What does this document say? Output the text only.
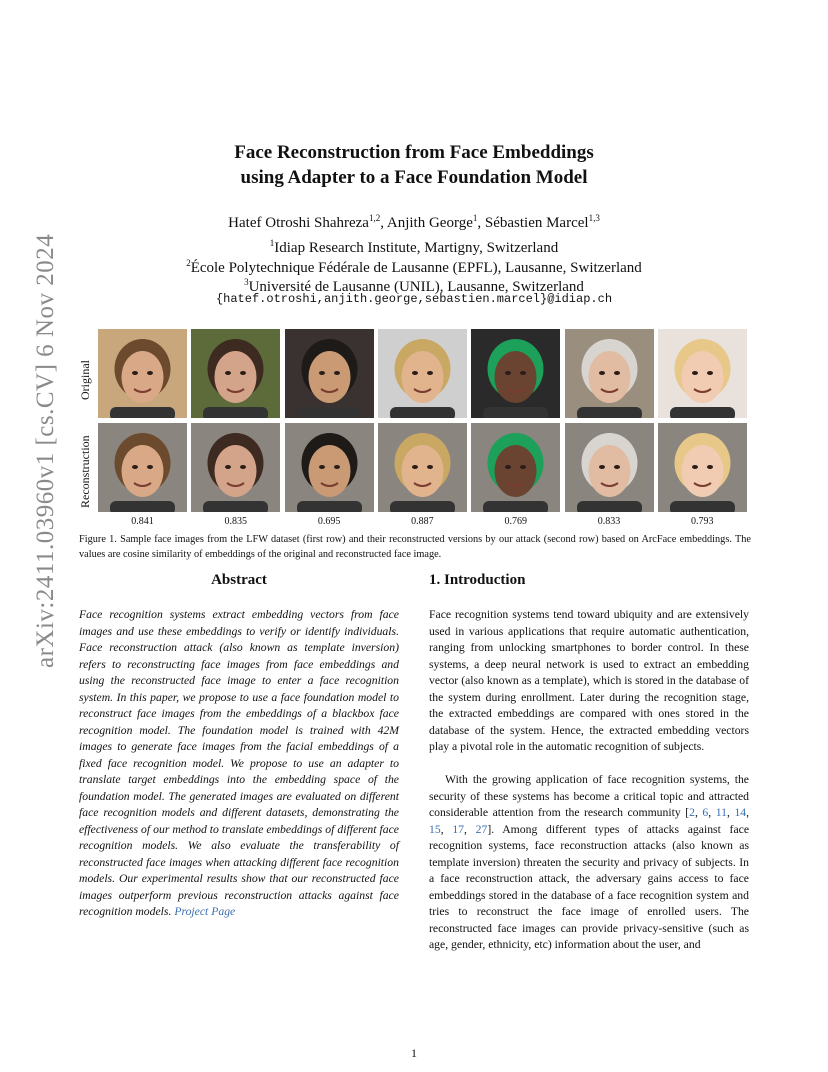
arXiv:2411.03960v1 [cs.CV] 6 Nov 2024
Face Reconstruction from Face Embeddings
using Adapter to a Face Foundation Model
Hatef Otroshi Shahreza$^{1,2}$, Anjith George$^1$, Sébastien Marcel$^{1,3}$
$^1$Idiap Research Institute, Martigny, Switzerland
$^2$École Polytechnique Fédérale de Lausanne (EPFL), Lausanne, Switzerland
$^3$Université de Lausanne (UNIL), Lausanne, Switzerland
{hatef.otroshi,anjith.george,sebastien.marcel}@idiap.ch
Original
Reconstruction
0.841	0.835	0.695	0.887	0.769	0.833	0.793
Figure 1. Sample face images from the LFW dataset (first row) and their reconstructed versions by our attack (second row) based on ArcFace embeddings. The values are cosine similarity of embeddings of the original and reconstructed face image.
Abstract
Face recognition systems extract embedding vectors from face images and use these embeddings to verify or identify individuals. Face reconstruction attack (also known as template inversion) refers to reconstructing face images from face embeddings and using the reconstructed face image to enter a face recognition system. In this paper, we propose to use a face foundation model to reconstruct face images from the embeddings of a blackbox face recognition model. The foundation model is trained with 42M images to generate face images from the facial embeddings of a fixed face recognition model. We propose to use an adapter to translate target embeddings into the embedding space of the foundation model. The generated images are evaluated on different face recognition models and different datasets, demonstrating the effectiveness of our method to translate embeddings of different face recognition models. We also evaluate the transferability of reconstructed face images when attacking different face recognition models. Our experimental results show that our reconstructed face images outperform previous reconstruction attacks against face recognition models. Project Page
1. Introduction
Face recognition systems tend toward ubiquity and are extensively used in various applications that require automatic authentication, ranging from unlocking smartphones to border control. In these systems, a deep neural network is used to extract an embedding vector (also known as a template), which is stored in the database of the system during enrollment. Later during the recognition stage, the extracted embeddings are compared with ones stored in the database of the system. Hence, the extracted embedding vectors play a pivotal role in the automatic recognition of subjects.
With the growing application of face recognition systems, the security of these systems has become a critical topic and attracted considerable attention from the research community [2, 6, 11, 14, 15, 17, 27]. Among different types of attacks against face recognition systems, face reconstruction attacks (also known as template inversion) threaten the security and privacy of subjects. In a face reconstruction attack, the adversary gains access to face embeddings stored in the database of a face recognition system and tries to reconstruct the face image of enrolled users. The reconstructed face images can provide privacy-sensitive (such as age, gender, ethnicity, etc) information about the user, and
1
